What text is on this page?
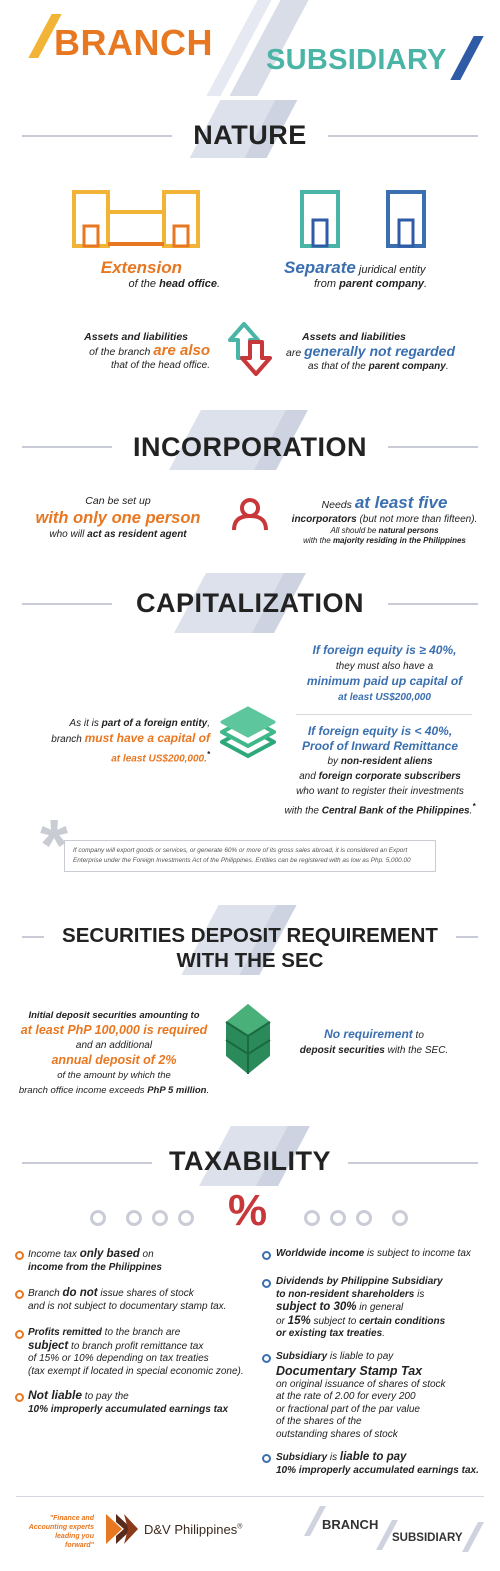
BRANCH SUBSIDIARY
NATURE
Extension
of the head office.
Separate juridical entity
from parent company.
Assets and liabilities
of the branch are also
that of the head office.
Assets and liabilities
are generally not regarded
as that of the parent company.
INCORPORATION
Can be set up
with only one person
who will act as resident agent
Needs at least five
incorporators (but not more than fifteen).
All should be natural persons
with the majority residing in the Philippines
CAPITALIZATION
If foreign equity is ≥ 40%,
they must also have a
minimum paid up capital of
at least US$200,000
As it is part of a foreign entity,
branch must have a capital of
at least US$200,000.*
If foreign equity is < 40%,
Proof of Inward Remittance
by non-resident aliens
and foreign corporate subscribers
who want to register their investments
with the Central Bank of the Philippines.*
* If company will export goods or services, or generate 60% or more of its gross sales abroad, it is considered an Export
Enterprise under the Foreign Investments Act of the Philippines. Entities can be registered with as low as Php. 5,000.00
SECURITIES DEPOSIT REQUIREMENT
WITH THE SEC
Initial deposit securities amounting to
at least PhP 100,000 is required
and an additional
annual deposit of 2%
of the amount by which the
branch office income exceeds PhP 5 million.
No requirement to
deposit securities with the SEC.
TAXABILITY
%
Income tax only based on
income from the Philippines
Branch do not issue shares of stock
and is not subject to documentary stamp tax.
Profits remitted to the branch are
subject to branch profit remittance tax
of 15% or 10% depending on tax treaties
(tax exempt if located in special economic zone).
Not liable to pay the
10% improperly accumulated earnings tax
Worldwide income is subject to income tax
Dividends by Philippine Subsidiary
to non-resident shareholders is
subject to 30% in general
or 15% subject to certain conditions
or existing tax treaties.
Subsidiary is liable to pay
Documentary Stamp Tax
on original issuance of shares of stock
at the rate of 2.00 for every 200
or fractional part of the par value
of the shares of the
outstanding shares of stock
Subsidiary is liable to pay
10% improperly accumulated earnings tax.
"Finance and
Accounting experts
leading you
forward"
D&V Philippines®	BRANCH
SUBSIDIARY
